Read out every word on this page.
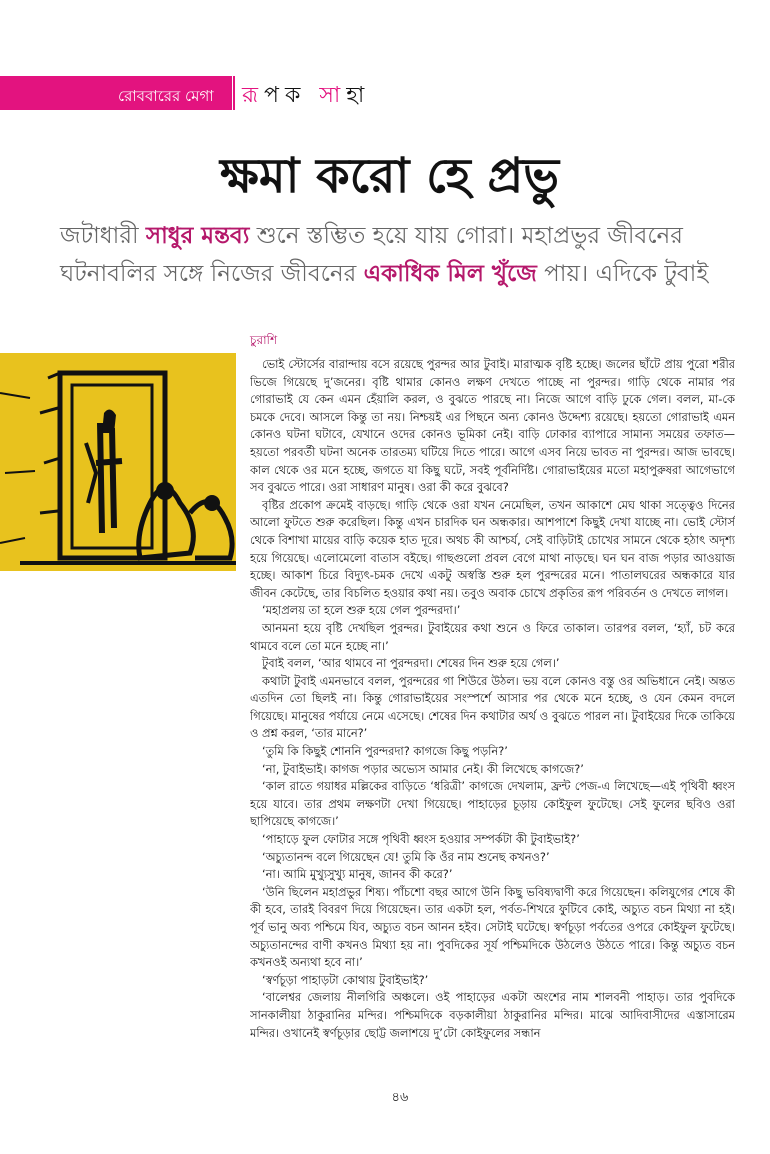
রোববারের মেগা রূপক সাহা
ক্ষমা করো হে প্রভু
জটাধারী সাধুর মন্তব্য শুনে স্তম্ভিত হয়ে যায় গোরা। মহাপ্রভুর জীবনের ঘটনাবলির সঙ্গে নিজের জীবনের একাধিক মিল খুঁজে পায়। এদিকে টুবাই
চুরাশি

ভোই স্টোর্সের বারান্দায় বসে রয়েছে পুরন্দর আর টুবাই। মারাত্মক বৃষ্টি হচ্ছে। জলের ছাঁটে প্রায় পুরো শরীর ভিজে গিয়েছে দু’জনের। বৃষ্টি থামার কোনও লক্ষণ দেখতে পাচ্ছে না পুরন্দর। গাড়ি থেকে নামার পর গোরাভাই যে কেন এমন হেঁয়ালি করল, ও বুঝতে পারছে না। নিজে আগে বাড়ি ঢুকে গেল। বলল, মা-কে চমকে দেবে। আসলে কিন্তু তা নয়। নিশ্চয়ই এর পিছনে অন্য কোনও উদ্দেশ্য রয়েছে। হয়তো গোরাভাই এমন কোনও ঘটনা ঘটাবে, যেখানে ওদের কোনও ভূমিকা নেই। বাড়ি ঢোকার ব্যাপারে সামান্য সময়ের তফাত—হয়তো পরবর্তী ঘটনা অনেক তারতম্য ঘটিয়ে দিতে পারে। আগে এসব নিয়ে ভাবত না পুরন্দর। আজ ভাবছে। কাল থেকে ওর মনে হচ্ছে, জগতে যা কিছু ঘটে, সবই পূর্বনির্দিষ্ট। গোরাভাইয়ের মতো মহাপুরুষরা আগেভাগে সব বুঝতে পারে। ওরা সাধারণ মানুষ। ওরা কী করে বুঝবে?

বৃষ্টির প্রকোপ ক্রমেই বাড়ছে। গাড়ি থেকে ওরা যখন নেমেছিল, তখন আকাশে মেঘ থাকা সত্ত্বেও দিনের আলো ফুটতে শুরু করেছিল। কিন্তু এখন চারদিক ঘন অন্ধকার। আশপাশে কিছুই দেখা যাচ্ছে না। ভোই স্টোর্স থেকে বিশাখা মায়ের বাড়ি কয়েক হাত দূরে। অথচ কী আশ্চর্য, সেই বাড়িটাই চোখের সামনে থেকে হঠাৎ অদৃশ্য হয়ে গিয়েছে। এলোমেলো বাতাস বইছে। গাছগুলো প্রবল বেগে মাথা নাড়ছে। ঘন ঘন বাজ পড়ার আওয়াজ হচ্ছে। আকাশ চিরে বিদ্যুৎ-চমক দেখে একটু অস্বস্তি শুরু হল পুরন্দরের মনে। পাতালঘরের অন্ধকারে যার জীবন কেটেছে, তার বিচলিত হওয়ার কথা নয়। তবুও অবাক চোখে প্রকৃতির রূপ পরিবর্তন ও দেখতে লাগল।

‘মহাপ্রলয় তা হলে শুরু হয়ে গেল পুরন্দরদা।’

আনমনা হয়ে বৃষ্টি দেখছিল পুরন্দর। টুবাইয়ের কথা শুনে ও ফিরে তাকাল। তারপর বলল, ‘হ্যাঁ, চট করে থামবে বলে তো মনে হচ্ছে না।’

টুবাই বলল, ‘আর থামবে না পুরন্দরদা। শেষের দিন শুরু হয়ে গেল।’

কথাটা টুবাই এমনভাবে বলল, পুরন্দরের গা শিউরে উঠল। ভয় বলে কোনও বস্তু ওর অভিধানে নেই। অন্তত এতদিন তো ছিলই না। কিন্তু গোরাভাইয়ের সংস্পর্শে আসার পর থেকে মনে হচ্ছে, ও যেন কেমন বদলে গিয়েছে। মানুষের পর্যায়ে নেমে এসেছে। শেষের দিন কথাটার অর্থ ও বুঝতে পারল না। টুবাইয়ের দিকে তাকিয়ে ও প্রশ্ন করল, ‘তার মানে?’

‘তুমি কি কিছুই শোননি পুরন্দরদা? কাগজে কিছু পড়নি?’

‘না, টুবাইভাই। কাগজ পড়ার অভ্যেস আমার নেই। কী লিখেছে কাগজে?’

‘কাল রাতে গয়াধর মল্লিকের বাড়িতে ‘ধরিত্রী’ কাগজে দেখলাম, ফ্রন্ট পেজ-এ লিখেছে—এই পৃথিবী ধ্বংস হয়ে যাবে। তার প্রথম লক্ষণটা দেখা গিয়েছে। পাহাড়ের চূড়ায় কোইফুল ফুটেছে। সেই ফুলের ছবিও ওরা ছাপিয়েছে কাগজে।’

‘পাহাড়ে ফুল ফোটার সঙ্গে পৃথিবী ধ্বংস হওয়ার সম্পর্কটা কী টুবাইভাই?’

‘অচ্যুতানন্দ বলে গিয়েছেন যে! তুমি কি ওঁর নাম শুনেছ কখনও?’

‘না। আমি মুখ্যুসুখ্যু মানুষ, জানব কী করে?’

‘উনি ছিলেন মহাপ্রভুর শিষ্য। পাঁচশো বছর আগে উনি কিছু ভবিষ্যদ্বাণী করে গিয়েছেন। কলিযুগের শেষে কী কী হবে, তারই বিবরণ দিয়ে গিয়েছেন। তার একটা হল, পর্বত-শিখরে ফুটিবে কোই, অচ্যুত বচন মিথ্যা না হই। পূর্ব ভানু অব্য পশ্চিমে যিব, অচ্যুত বচন আনন হইব। সেটাই ঘটেছে। স্বর্ণচূড়া পর্বতের ওপরে কোইফুল ফুটেছে। অচ্যুতানন্দের বাণী কখনও মিথ্যা হয় না। পুবদিকের সূর্য পশ্চিমদিকে উঠলেও উঠতে পারে। কিন্তু অচ্যুত বচন কখনওই অন্যথা হবে না।’

‘স্বর্ণচূড়া পাহাড়টা কোথায় টুবাইভাই?’

‘বালেশ্বর জেলায় নীলগিরি অঞ্চলে। ওই পাহাড়ের একটা অংশের নাম শালবনী পাহাড়। তার পুবদিকে সানকালীয়া ঠাকুরানির মন্দির। পশ্চিমদিকে বড়কালীয়া ঠাকুরানির মন্দির। মাঝে আদিবাসীদের এস্তাসারেম মন্দির। ওখানেই স্বর্ণচূড়ার ছোট্ট জলাশয়ে দু’টো কোইফুলের সন্ধান

৪৬
